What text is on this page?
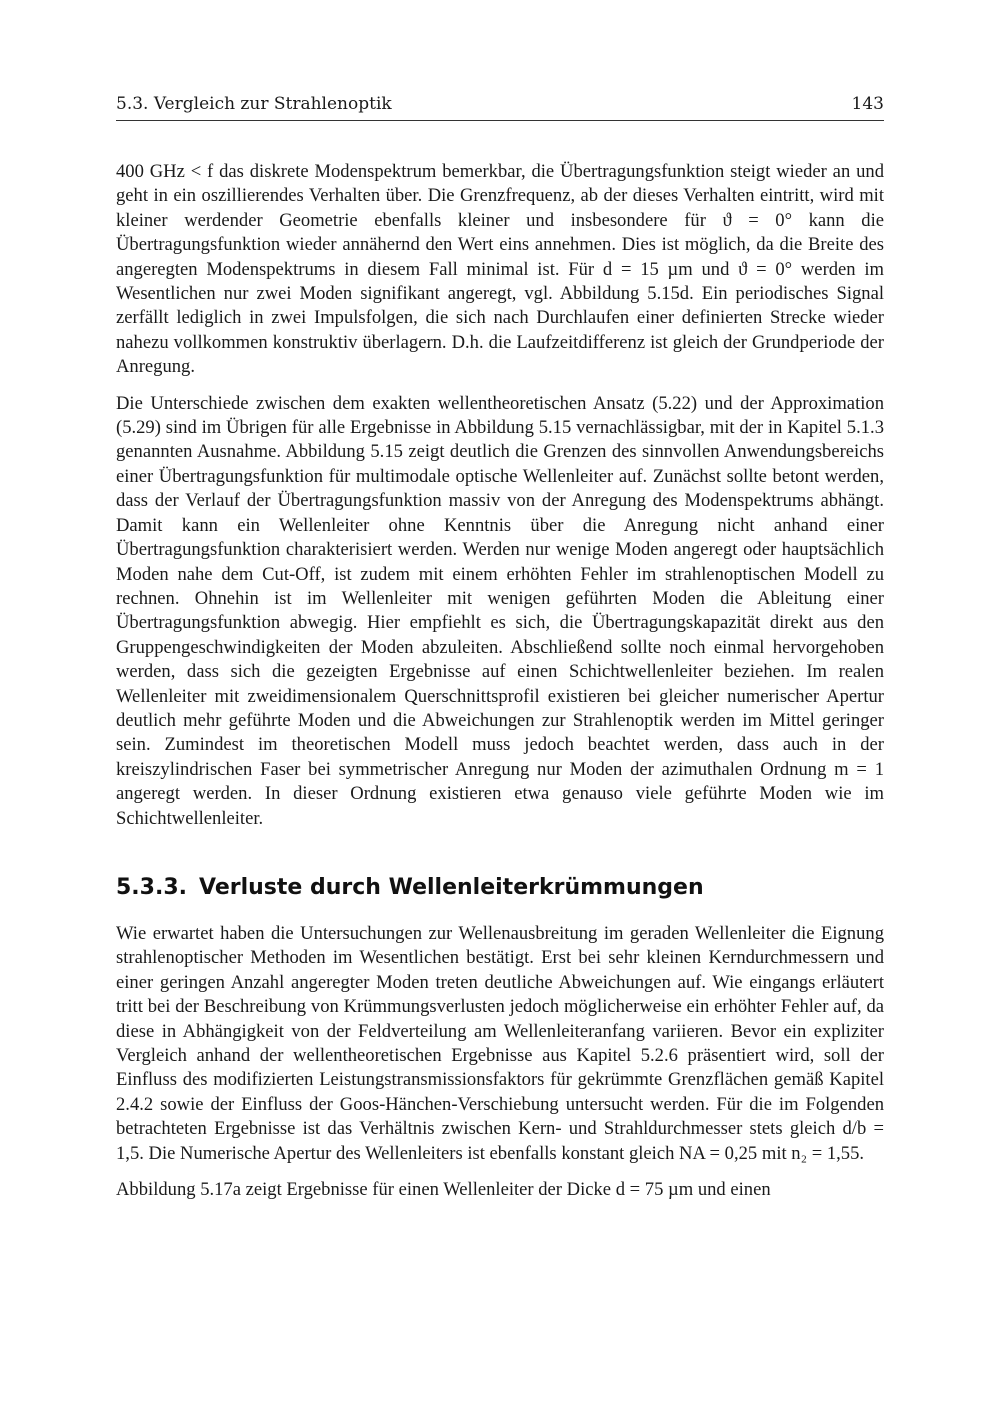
5.3. Vergleich zur Strahlenoptik	143

400 GHz < f das diskrete Modenspektrum bemerkbar, die Übertragungsfunktion steigt wieder an und geht in ein oszillierendes Verhalten über. Die Grenzfrequenz, ab der dieses Verhalten eintritt, wird mit kleiner werdender Geometrie ebenfalls kleiner und insbesondere für ϑ = 0° kann die Übertragungsfunktion wieder annähernd den Wert eins annehmen. Dies ist möglich, da die Breite des angeregten Modenspektrums in diesem Fall minimal ist. Für d = 15 µm und ϑ = 0° werden im Wesentlichen nur zwei Moden signifikant angeregt, vgl. Abbildung 5.15d. Ein periodisches Signal zerfällt lediglich in zwei Impulsfolgen, die sich nach Durchlaufen einer definierten Strecke wieder nahezu vollkommen konstruktiv überlagern. D.h. die Laufzeitdifferenz ist gleich der Grundperiode der Anregung.

Die Unterschiede zwischen dem exakten wellentheoretischen Ansatz (5.22) und der Approximation (5.29) sind im Übrigen für alle Ergebnisse in Abbildung 5.15 vernachlässigbar, mit der in Kapitel 5.1.3 genannten Ausnahme. Abbildung 5.15 zeigt deutlich die Grenzen des sinnvollen Anwendungsbereichs einer Übertragungsfunktion für multimodale optische Wellenleiter auf. Zunächst sollte betont werden, dass der Verlauf der Übertragungsfunktion massiv von der Anregung des Modenspektrums abhängt. Damit kann ein Wellenleiter ohne Kenntnis über die Anregung nicht anhand einer Übertragungsfunktion charakterisiert werden. Werden nur wenige Moden angeregt oder hauptsächlich Moden nahe dem Cut-Off, ist zudem mit einem erhöhten Fehler im strahlenoptischen Modell zu rechnen. Ohnehin ist im Wellenleiter mit wenigen geführten Moden die Ableitung einer Übertragungsfunktion abwegig. Hier empfiehlt es sich, die Übertragungskapazität direkt aus den Gruppengeschwindigkeiten der Moden abzuleiten. Abschließend sollte noch einmal hervorgehoben werden, dass sich die gezeigten Ergebnisse auf einen Schichtwellenleiter beziehen. Im realen Wellenleiter mit zweidimensionalem Querschnittsprofil existieren bei gleicher numerischer Apertur deutlich mehr geführte Moden und die Abweichungen zur Strahlenoptik werden im Mittel geringer sein. Zumindest im theoretischen Modell muss jedoch beachtet werden, dass auch in der kreiszylindrischen Faser bei symmetrischer Anregung nur Moden der azimuthalen Ordnung m = 1 angeregt werden. In dieser Ordnung existieren etwa genauso viele geführte Moden wie im Schichtwellenleiter.

5.3.3. Verluste durch Wellenleiterkrümmungen

Wie erwartet haben die Untersuchungen zur Wellenausbreitung im geraden Wellenleiter die Eignung strahlenoptischer Methoden im Wesentlichen bestätigt. Erst bei sehr kleinen Kerndurchmessern und einer geringen Anzahl angeregter Moden treten deutliche Abweichungen auf. Wie eingangs erläutert tritt bei der Beschreibung von Krümmungsverlusten jedoch möglicherweise ein erhöhter Fehler auf, da diese in Abhängigkeit von der Feldverteilung am Wellenleiteranfang variieren. Bevor ein expliziter Vergleich anhand der wellentheoretischen Ergebnisse aus Kapitel 5.2.6 präsentiert wird, soll der Einfluss des modifizierten Leistungstransmissionsfaktors für gekrümmte Grenzflächen gemäß Kapitel 2.4.2 sowie der Einfluss der Goos-Hänchen-Verschiebung untersucht werden. Für die im Folgenden betrachteten Ergebnisse ist das Verhältnis zwischen Kern- und Strahldurchmesser stets gleich d/b = 1,5. Die Numerische Apertur des Wellenleiters ist ebenfalls konstant gleich NA = 0,25 mit n₂ = 1,55.

Abbildung 5.17a zeigt Ergebnisse für einen Wellenleiter der Dicke d = 75 µm und einen
